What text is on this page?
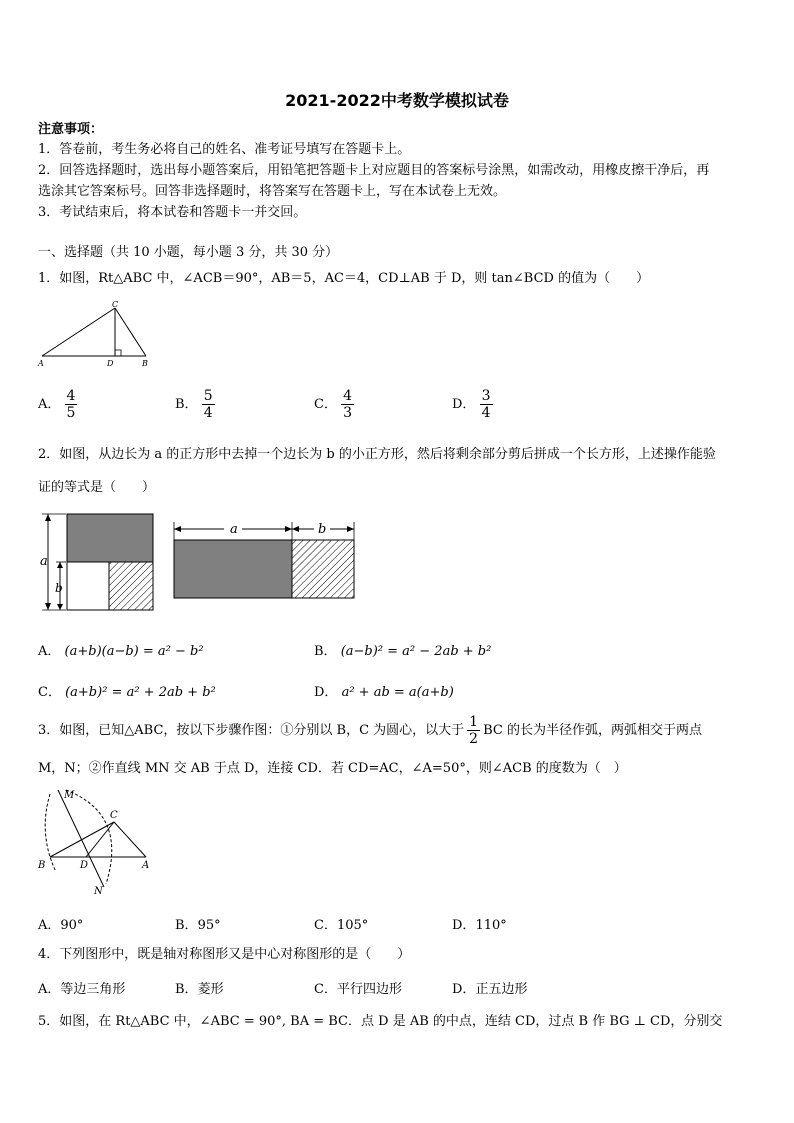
2021-2022中考数学模拟试卷
注意事项：
1．答卷前，考生务必将自己的姓名、准考证号填写在答题卡上。
2．回答选择题时，选出每小题答案后，用铅笔把答题卡上对应题目的答案标号涂黑，如需改动，用橡皮擦干净后，再
选涂其它答案标号。回答非选择题时，将答案写在答题卡上，写在本试卷上无效。
3．考试结束后，将本试卷和答题卡一并交回。
一、选择题（共 10 小题，每小题 3 分，共 30 分）
1．如图，Rt△ABC 中，∠ACB＝90°，AB＝5，AC＝4，CD⊥AB 于 D，则 tan∠BCD 的值为（　　）
A
C
D	B
A． $\frac{4}{5}$	B． $\frac{5}{4}$	C． $\frac{4}{3}$	D． $\frac{3}{4}$
2．如图，从边长为 a 的正方形中去掉一个边长为 b 的小正方形，然后将剩余部分剪后拼成一个长方形，上述操作能验
证的等式是（　　）
a
b
a	b
A． (a+b)(a−b) = a² − b²	B． (a−b)² = a² − 2ab + b²
C． (a+b)² = a² + 2ab + b²	D． a² + ab = a(a+b)
3．如图，已知△ABC，按以下步骤作图：①分别以 B，C 为圆心，以大于 $\frac{1}{2}$ BC 的长为半径作弧，两弧相交于两点
M，N；②作直线 MN 交 AB 于点 D，连接 CD．若 CD=AC，∠A=50°，则∠ACB 的度数为（　）
M
C
B	D	A
N
A．90°	B．95°	C．105°	D．110°
4．下列图形中，既是轴对称图形又是中心对称图形的是（　　）
A．等边三角形	B．菱形	C．平行四边形	D．正五边形
5．如图，在 Rt△ABC 中，∠ABC = 90°, BA = BC．点 D 是 AB 的中点，连结 CD，过点 B 作 BG ⊥ CD，分别交
